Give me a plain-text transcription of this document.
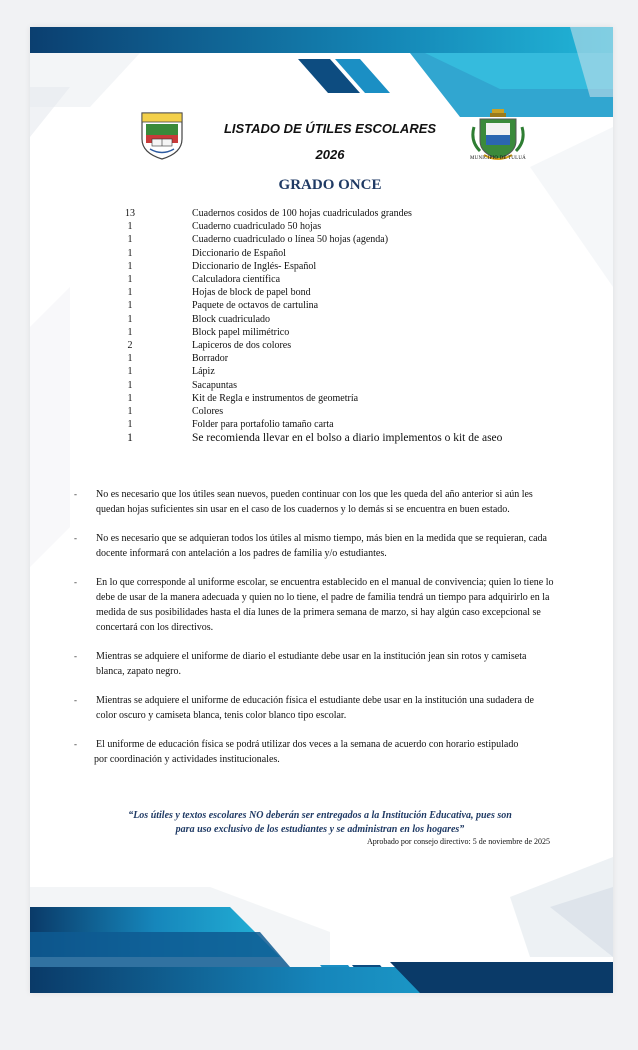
MUNICIPIO DE TULUÁ
LISTADO DE ÚTILES ESCOLARES
2026
GRADO ONCE
13	Cuadernos cosidos de 100 hojas cuadriculados grandes
1	Cuaderno cuadriculado 50 hojas
1	Cuaderno cuadriculado o línea 50 hojas (agenda)
1	Diccionario de Español
1	Diccionario de Inglés- Español
1	Calculadora científica
1	Hojas de block de papel bond
1	Paquete de octavos de cartulina
1	Block cuadriculado
1	Block papel milimétrico
2	Lapiceros de dos colores
1	Borrador
1	Lápiz
1	Sacapuntas
1	Kit de Regla e instrumentos de geometría
1	Colores
1	Folder para portafolio tamaño carta
1	Se recomienda llevar en el bolso a diario implementos o kit de aseo
-	No es necesario que los útiles sean nuevos, pueden continuar con los que les queda del año anterior si aún les quedan hojas suficientes sin usar en el caso de los cuadernos y lo demás si se encuentra en buen estado.
-	No es necesario que se adquieran todos los útiles al mismo tiempo, más bien en la medida que se requieran, cada docente informará con antelación a los padres de familia y/o estudiantes.
-	En lo que corresponde al uniforme escolar, se encuentra establecido en el manual de convivencia; quien lo tiene lo debe de usar de la manera adecuada y quien no lo tiene, el padre de familia tendrá un tiempo para adquirirlo en la medida de sus posibilidades hasta el día lunes de la primera semana de marzo, si hay algún caso excepcional se concertará con los directivos.
-	Mientras se adquiere el uniforme de diario el estudiante debe usar en la institución jean sin rotos y camiseta blanca, zapato negro.
-	Mientras se adquiere el uniforme de educación física el estudiante debe usar en la institución una sudadera de color oscuro y camiseta blanca, tenis color blanco tipo escolar.
-	El uniforme de educación física se podrá utilizar dos veces a la semana de acuerdo con horario estipulado
por coordinación y actividades institucionales.
“Los útiles y textos escolares NO deberán ser entregados a la Institución Educativa, pues son
para uso exclusivo de los estudiantes y se administran en los hogares”
Aprobado por consejo directivo: 5 de noviembre de 2025
